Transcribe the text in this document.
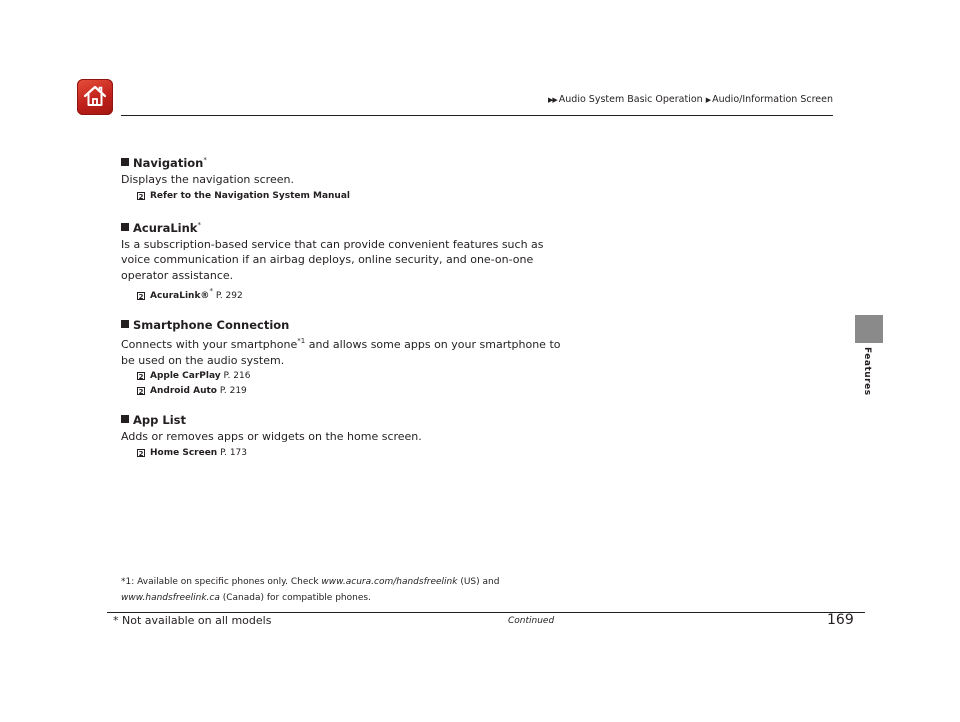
▶▶ Audio System Basic Operation ▶ Audio/Information Screen
Features
Navigation*
Displays the navigation screen.
2 Refer to the Navigation System Manual
AcuraLink*
Is a subscription-based service that can provide convenient features such as voice communication if an airbag deploys, online security, and one-on-one operator assistance.
2 AcuraLink®* P. 292
Smartphone Connection
Connects with your smartphone$^{*1}$ and allows some apps on your smartphone to be used on the audio system.
2 Apple CarPlay P. 216
2 Android Auto P. 219
App List
Adds or removes apps or widgets on the home screen.
2 Home Screen P. 173
*1: Available on specific phones only. Check www.acura.com/handsfreelink (US) and
www.handsfreelink.ca (Canada) for compatible phones.
* Not available on all models	Continued	169
